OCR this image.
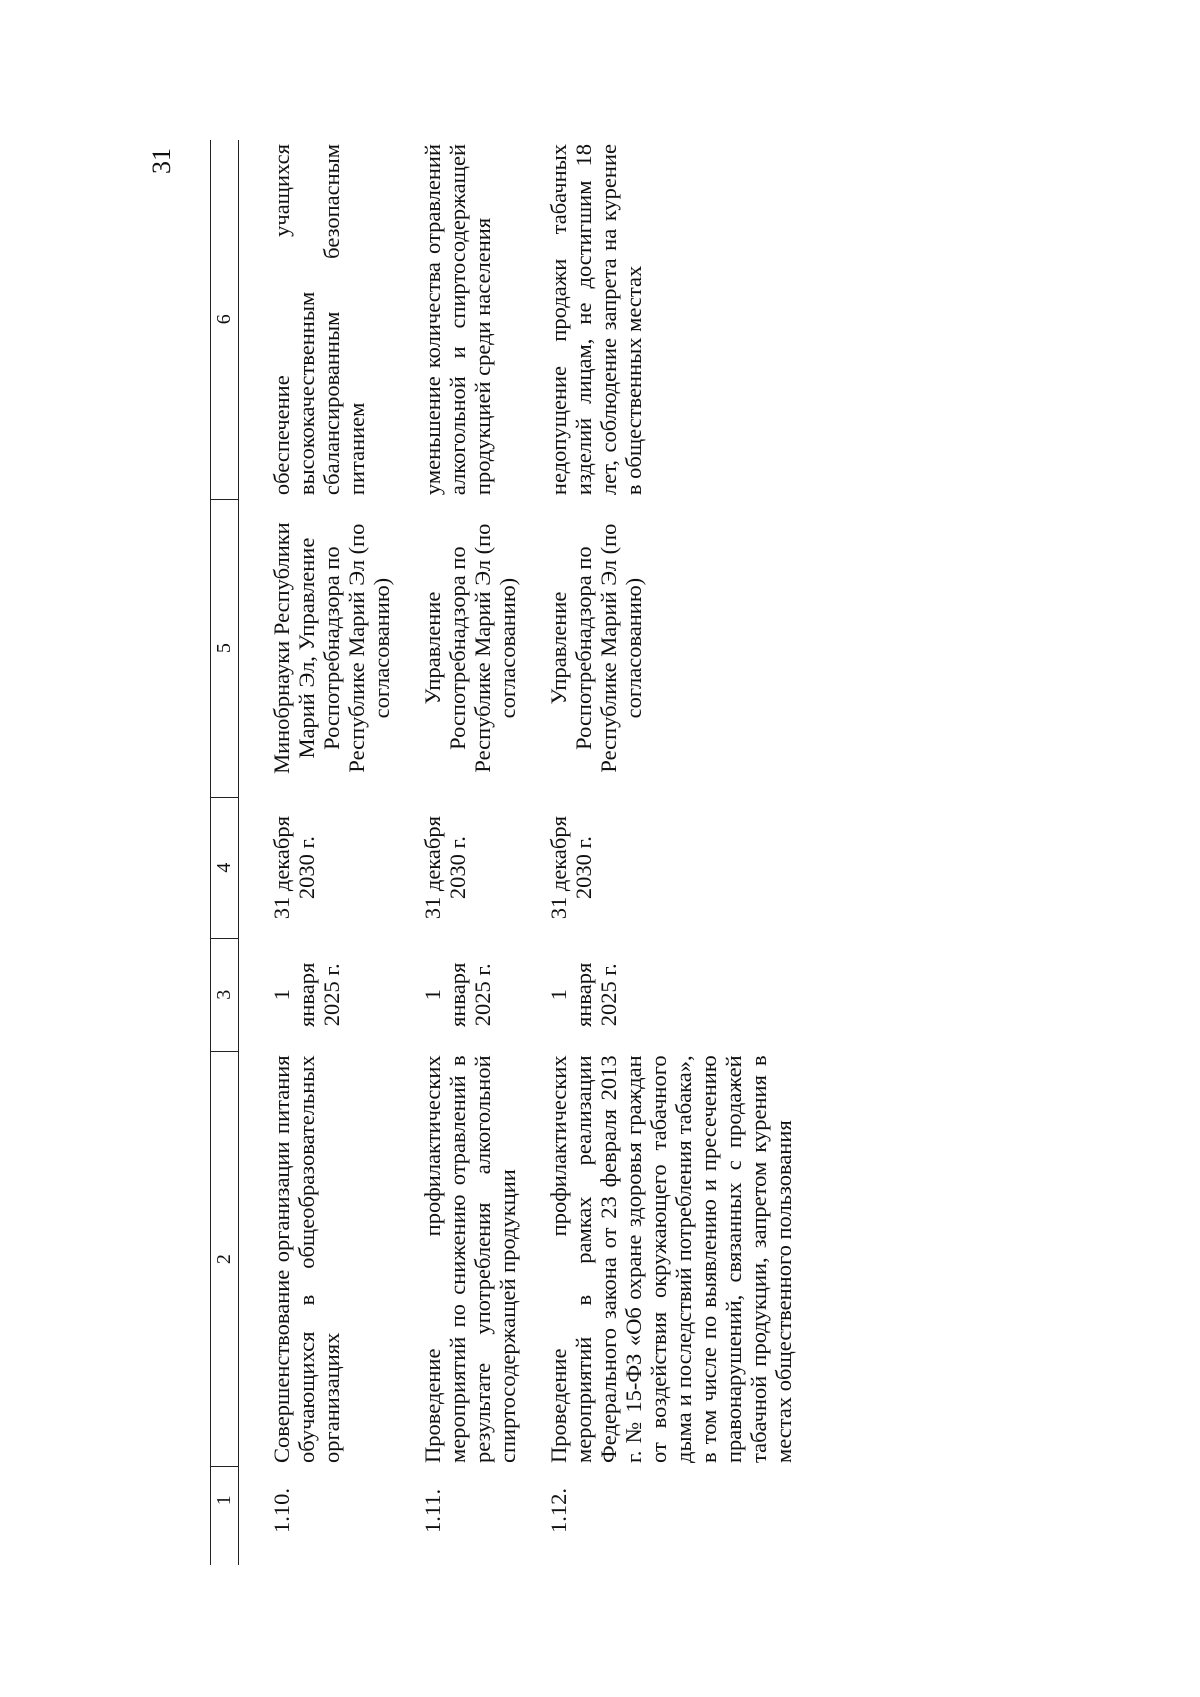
31
1	2	3	4	5	6

1.10.	Совершенствование организации питания обучающихся в общеобразовательных организациях	1 января 2025 г.	31 декабря 2030 г.	Минобрнауки Республики Марий Эл, Управление Роспотребнадзора по Республике Марий Эл (по согласованию)	обеспечение учащихся высококачественным сбалансированным безопасным питанием

1.11.	Проведение профилактических мероприятий по снижению отравлений в результате употребления алкогольной спиртосодержащей продукции	1 января 2025 г.	31 декабря 2030 г.	Управление Роспотребнадзора по Республике Марий Эл (по согласованию)	уменьшение количества отравлений алкогольной и спиртосодержащей продукцией среди населения

1.12.	Проведение профилактических мероприятий в рамках реализации Федерального закона от 23 февраля 2013 г. № 15-ФЗ «Об охране здоровья граждан от воздействия окружающего табачного дыма и последствий потребления табака», в том числе по выявлению и пресечению правонарушений, связанных с продажей табачной продукции, запретом курения в местах общественного пользования	1 января 2025 г.	31 декабря 2030 г.	Управление Роспотребнадзора по Республике Марий Эл (по согласованию)	недопущение продажи табачных изделий лицам, не достигшим 18 лет, соблюдение запрета на курение в общественных местах
